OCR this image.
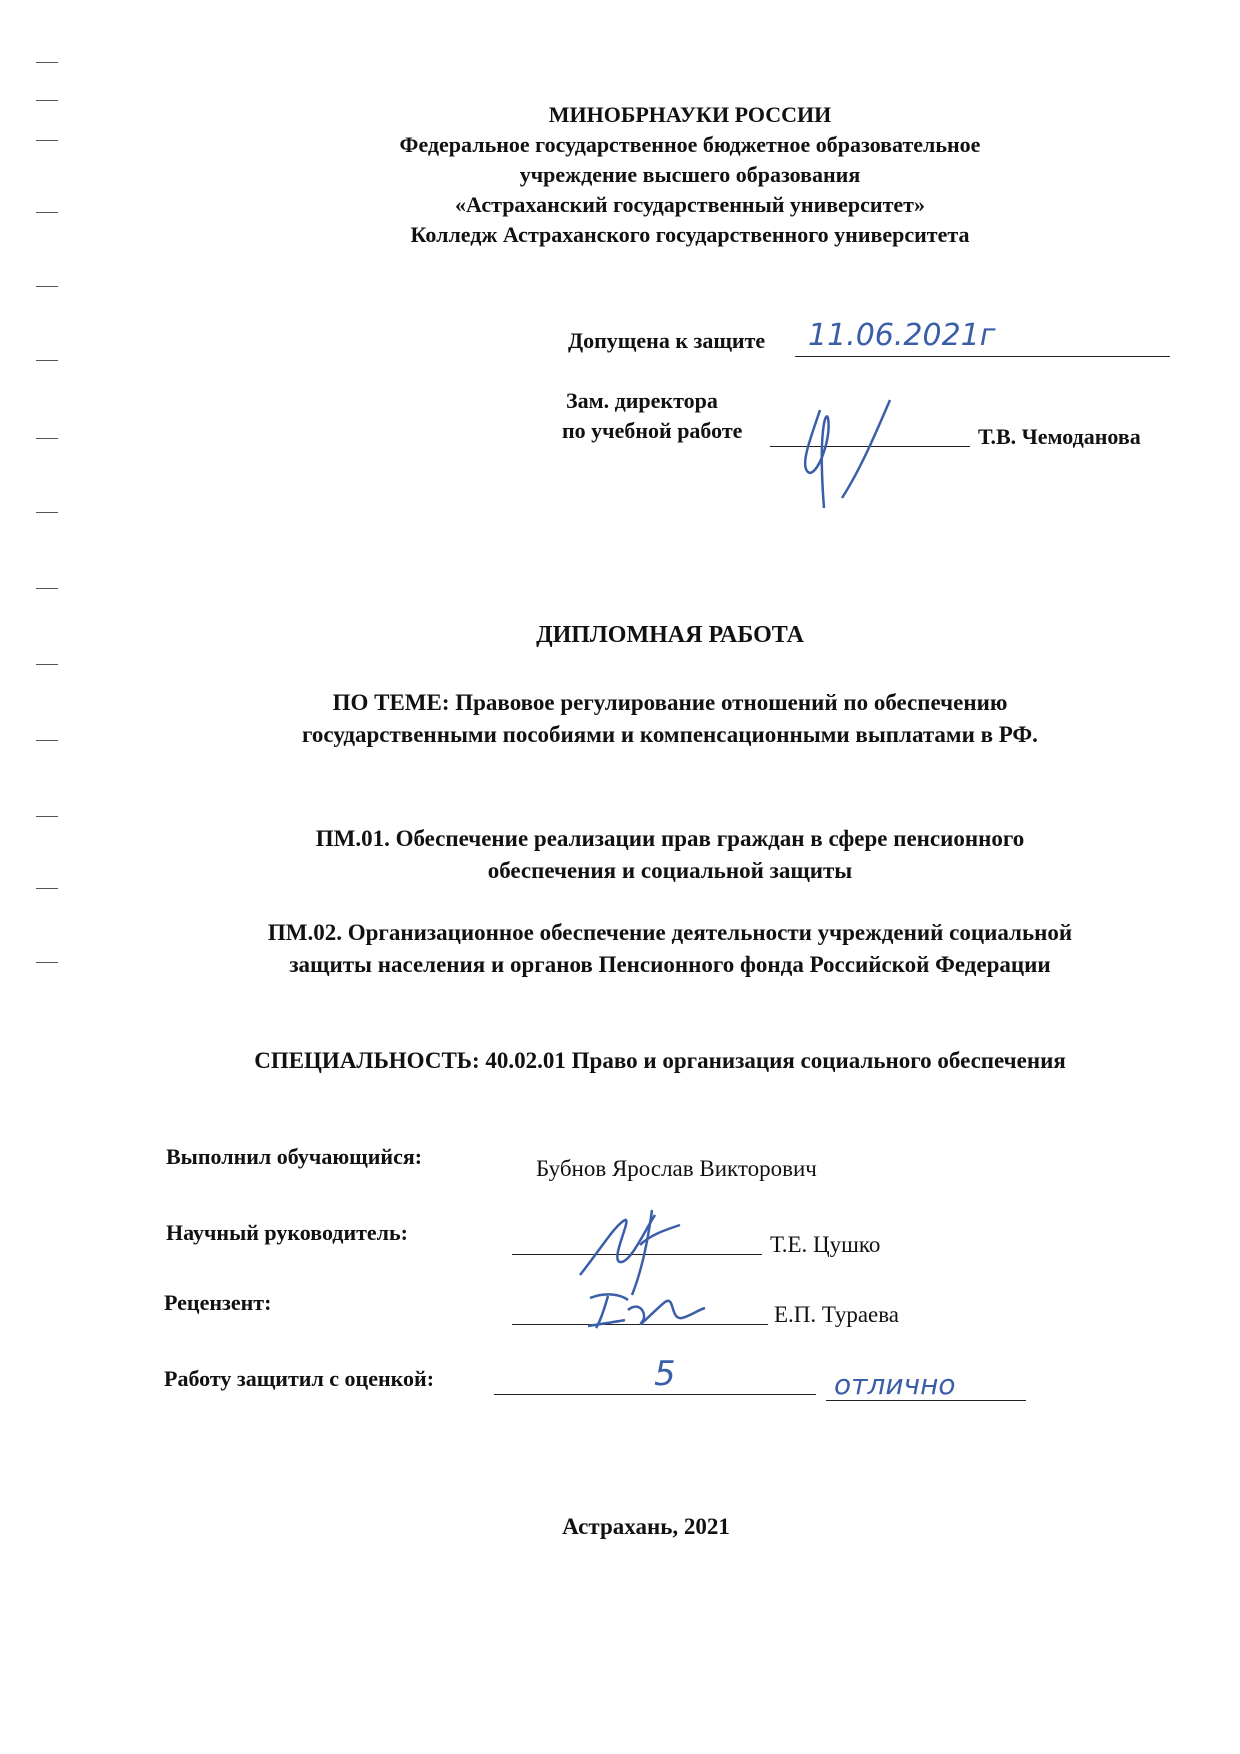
МИНОБРНАУКИ РОССИИ
Федеральное государственное бюджетное образовательное
учреждение высшего образования
«Астраханский государственный университет»
Колледж Астраханского государственного университета
Допущена к защите 11.06.2021г
Зам. директора
по учебной работе	Т.В. Чемоданова
ДИПЛОМНАЯ РАБОТА
ПО ТЕМЕ: Правовое регулирование отношений по обеспечению
государственными пособиями и компенсационными выплатами в РФ.
ПМ.01. Обеспечение реализации прав граждан в сфере пенсионного
обеспечения и социальной защиты
ПМ.02. Организационное обеспечение деятельности учреждений социальной
защиты населения и органов Пенсионного фонда Российской Федерации
СПЕЦИАЛЬНОСТЬ: 40.02.01 Право и организация социального обеспечения
Выполнил обучающийся:	Бубнов Ярослав Викторович
Научный руководитель:	Т.Е. Цушко
Рецензент:	Е.П. Тураева
Работу защитил с оценкой:	5	отлично
Астрахань, 2021
